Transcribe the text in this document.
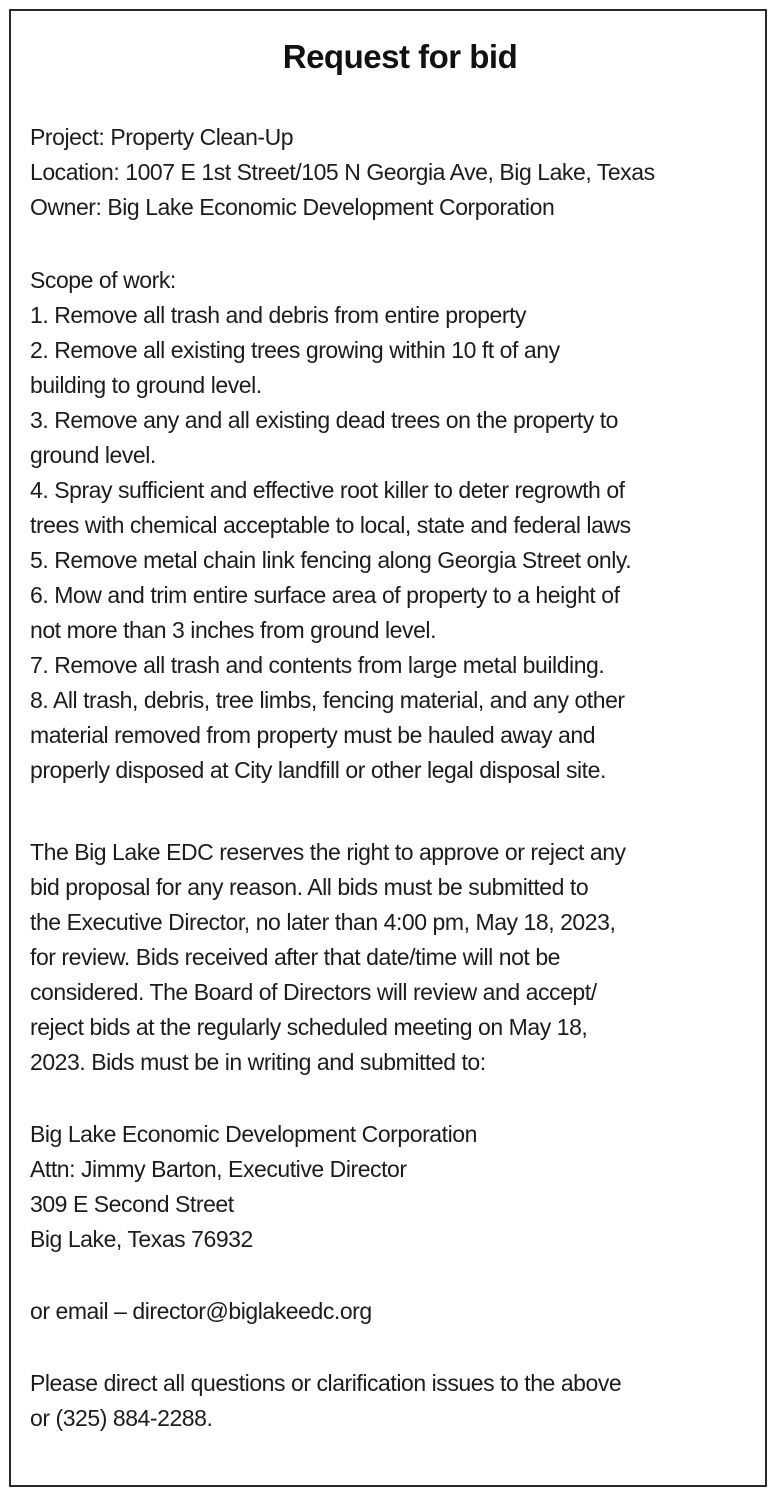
Request for bid
Project: Property Clean-Up
Location: 1007 E 1st Street/105 N Georgia Ave, Big Lake, Texas
Owner: Big Lake Economic Development Corporation
Scope of work:
1. Remove all trash and debris from entire property
2. Remove all existing trees growing within 10 ft of any
building to ground level.
3. Remove any and all existing dead trees on the property to
ground level.
4. Spray sufficient and effective root killer to deter regrowth of
trees with chemical acceptable to local, state and federal laws
5. Remove metal chain link fencing along Georgia Street only.
6. Mow and trim entire surface area of property to a height of
not more than 3 inches from ground level.
7. Remove all trash and contents from large metal building.
8. All trash, debris, tree limbs, fencing material, and any other
material removed from property must be hauled away and
properly disposed at City landfill or other legal disposal site.
The Big Lake EDC reserves the right to approve or reject any
bid proposal for any reason. All bids must be submitted to
the Executive Director, no later than 4:00 pm, May 18, 2023,
for review. Bids received after that date/time will not be
considered. The Board of Directors will review and accept/
reject bids at the regularly scheduled meeting on May 18,
2023. Bids must be in writing and submitted to:
Big Lake Economic Development Corporation
Attn: Jimmy Barton, Executive Director
309 E Second Street
Big Lake, Texas 76932
or email – director@biglakeedc.org
Please direct all questions or clarification issues to the above
or (325) 884-2288.
